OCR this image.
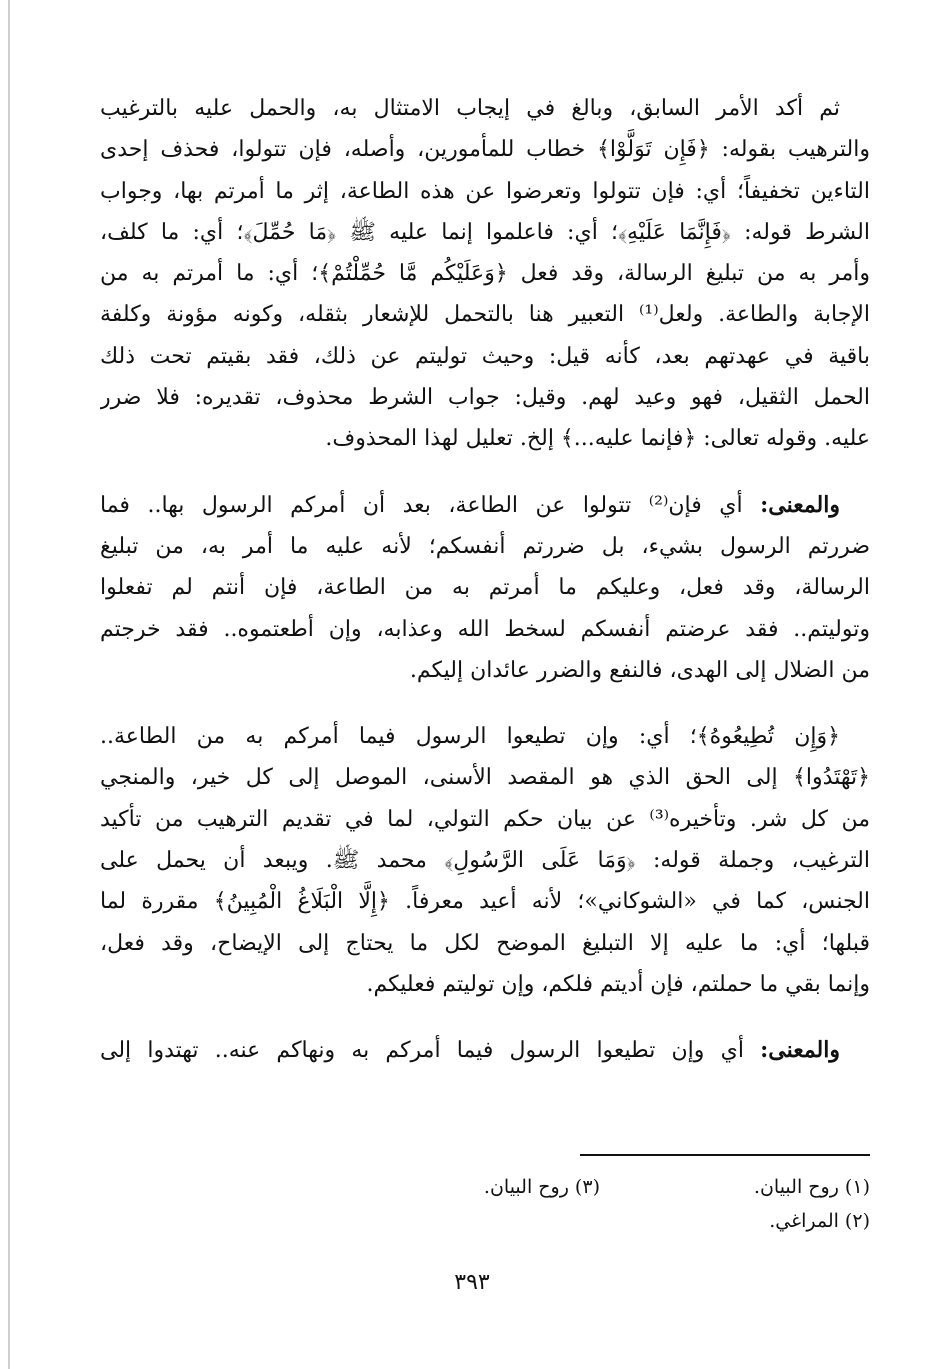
ثم أكد الأمر السابق، وبالغ في إيجاب الامتثال به، والحمل عليه بالترغيب
والترهيب بقوله: ﴿فَإِن تَوَلَّوْا﴾ خطاب للمأمورين، وأصله، فإن تتولوا، فحذف إحدى
التاءين تخفيفاً؛ أي: فإن تتولوا وتعرضوا عن هذه الطاعة، إثر ما أمرتم بها، وجواب
الشرط قوله: ﴿فَإِنَّمَا عَلَيْهِ﴾؛ أي: فاعلموا إنما عليه ﷺ ﴿مَا حُمِّلَ﴾؛ أي: ما كلف،
وأمر به من تبليغ الرسالة، وقد فعل ﴿وَعَلَيْكُم مَّا حُمِّلْتُمْ﴾؛ أي: ما أمرتم به من
الإجابة والطاعة. ولعل⁽¹⁾ التعبير هنا بالتحمل للإشعار بثقله، وكونه مؤونة وكلفة
باقية في عهدتهم بعد، كأنه قيل: وحيث توليتم عن ذلك، فقد بقيتم تحت ذلك
الحمل الثقيل، فهو وعيد لهم. وقيل: جواب الشرط محذوف، تقديره: فلا ضرر
عليه. وقوله تعالى: ﴿فإنما عليه...﴾ إلخ. تعليل لهذا المحذوف.

والمعنى: أي فإن⁽²⁾ تتولوا عن الطاعة، بعد أن أمركم الرسول بها.. فما
ضررتم الرسول بشيء، بل ضررتم أنفسكم؛ لأنه عليه ما أمر به، من تبليغ
الرسالة، وقد فعل، وعليكم ما أمرتم به من الطاعة، فإن أنتم لم تفعلوا
وتوليتم.. فقد عرضتم أنفسكم لسخط الله وعذابه، وإن أطعتموه.. فقد خرجتم
من الضلال إلى الهدى، فالنفع والضرر عائدان إليكم.

﴿وَإِن تُطِيعُوهُ﴾؛ أي: وإن تطيعوا الرسول فيما أمركم به من الطاعة..
﴿تَهْتَدُوا﴾ إلى الحق الذي هو المقصد الأسنى، الموصل إلى كل خير، والمنجي
من كل شر. وتأخيره⁽³⁾ عن بيان حكم التولي، لما في تقديم الترهيب من تأكيد
الترغيب، وجملة قوله: ﴿وَمَا عَلَى الرَّسُولِ﴾ محمد ﷺ. ويبعد أن يحمل على
الجنس، كما في «الشوكاني»؛ لأنه أعيد معرفاً. ﴿إِلَّا الْبَلَاغُ الْمُبِينُ﴾ مقررة لما
قبلها؛ أي: ما عليه إلا التبليغ الموضح لكل ما يحتاج إلى الإيضاح، وقد فعل،
وإنما بقي ما حملتم، فإن أديتم فلكم، وإن توليتم فعليكم.

والمعنى: أي وإن تطيعوا الرسول فيما أمركم به ونهاكم عنه.. تهتدوا إلى

(١) روح البيان.
(٣) روح البيان.
(٢) المراغي.
٣٩٣
